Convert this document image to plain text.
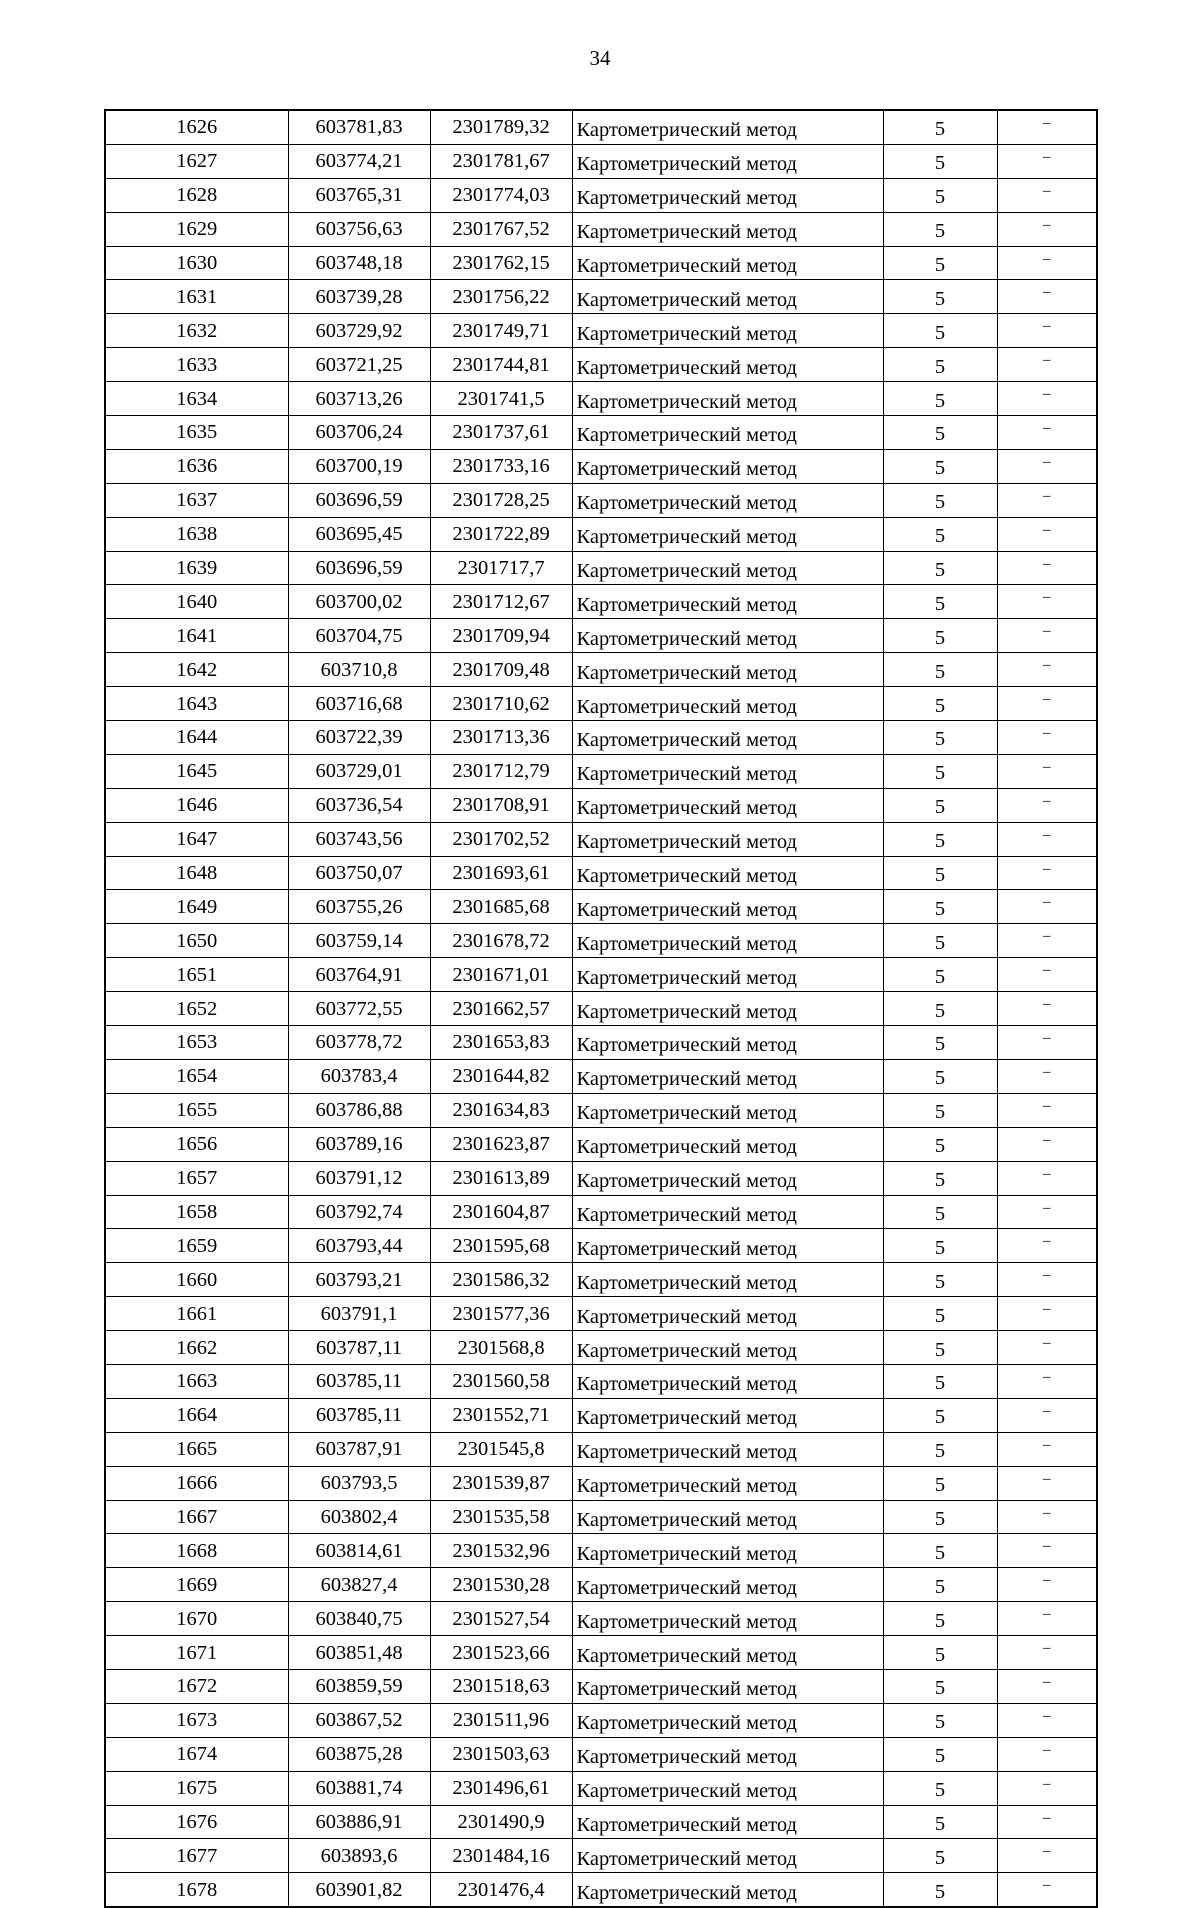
34
1626	603781,83	2301789,32	Картометрический метод	5	–
1627	603774,21	2301781,67	Картометрический метод	5	–
1628	603765,31	2301774,03	Картометрический метод	5	–
1629	603756,63	2301767,52	Картометрический метод	5	–
1630	603748,18	2301762,15	Картометрический метод	5	–
1631	603739,28	2301756,22	Картометрический метод	5	–
1632	603729,92	2301749,71	Картометрический метод	5	–
1633	603721,25	2301744,81	Картометрический метод	5	–
1634	603713,26	2301741,5	Картометрический метод	5	–
1635	603706,24	2301737,61	Картометрический метод	5	–
1636	603700,19	2301733,16	Картометрический метод	5	–
1637	603696,59	2301728,25	Картометрический метод	5	–
1638	603695,45	2301722,89	Картометрический метод	5	–
1639	603696,59	2301717,7	Картометрический метод	5	–
1640	603700,02	2301712,67	Картометрический метод	5	–
1641	603704,75	2301709,94	Картометрический метод	5	–
1642	603710,8	2301709,48	Картометрический метод	5	–
1643	603716,68	2301710,62	Картометрический метод	5	–
1644	603722,39	2301713,36	Картометрический метод	5	–
1645	603729,01	2301712,79	Картометрический метод	5	–
1646	603736,54	2301708,91	Картометрический метод	5	–
1647	603743,56	2301702,52	Картометрический метод	5	–
1648	603750,07	2301693,61	Картометрический метод	5	–
1649	603755,26	2301685,68	Картометрический метод	5	–
1650	603759,14	2301678,72	Картометрический метод	5	–
1651	603764,91	2301671,01	Картометрический метод	5	–
1652	603772,55	2301662,57	Картометрический метод	5	–
1653	603778,72	2301653,83	Картометрический метод	5	–
1654	603783,4	2301644,82	Картометрический метод	5	–
1655	603786,88	2301634,83	Картометрический метод	5	–
1656	603789,16	2301623,87	Картометрический метод	5	–
1657	603791,12	2301613,89	Картометрический метод	5	–
1658	603792,74	2301604,87	Картометрический метод	5	–
1659	603793,44	2301595,68	Картометрический метод	5	–
1660	603793,21	2301586,32	Картометрический метод	5	–
1661	603791,1	2301577,36	Картометрический метод	5	–
1662	603787,11	2301568,8	Картометрический метод	5	–
1663	603785,11	2301560,58	Картометрический метод	5	–
1664	603785,11	2301552,71	Картометрический метод	5	–
1665	603787,91	2301545,8	Картометрический метод	5	–
1666	603793,5	2301539,87	Картометрический метод	5	–
1667	603802,4	2301535,58	Картометрический метод	5	–
1668	603814,61	2301532,96	Картометрический метод	5	–
1669	603827,4	2301530,28	Картометрический метод	5	–
1670	603840,75	2301527,54	Картометрический метод	5	–
1671	603851,48	2301523,66	Картометрический метод	5	–
1672	603859,59	2301518,63	Картометрический метод	5	–
1673	603867,52	2301511,96	Картометрический метод	5	–
1674	603875,28	2301503,63	Картометрический метод	5	–
1675	603881,74	2301496,61	Картометрический метод	5	–
1676	603886,91	2301490,9	Картометрический метод	5	–
1677	603893,6	2301484,16	Картометрический метод	5	–
1678	603901,82	2301476,4	Картометрический метод	5	–
